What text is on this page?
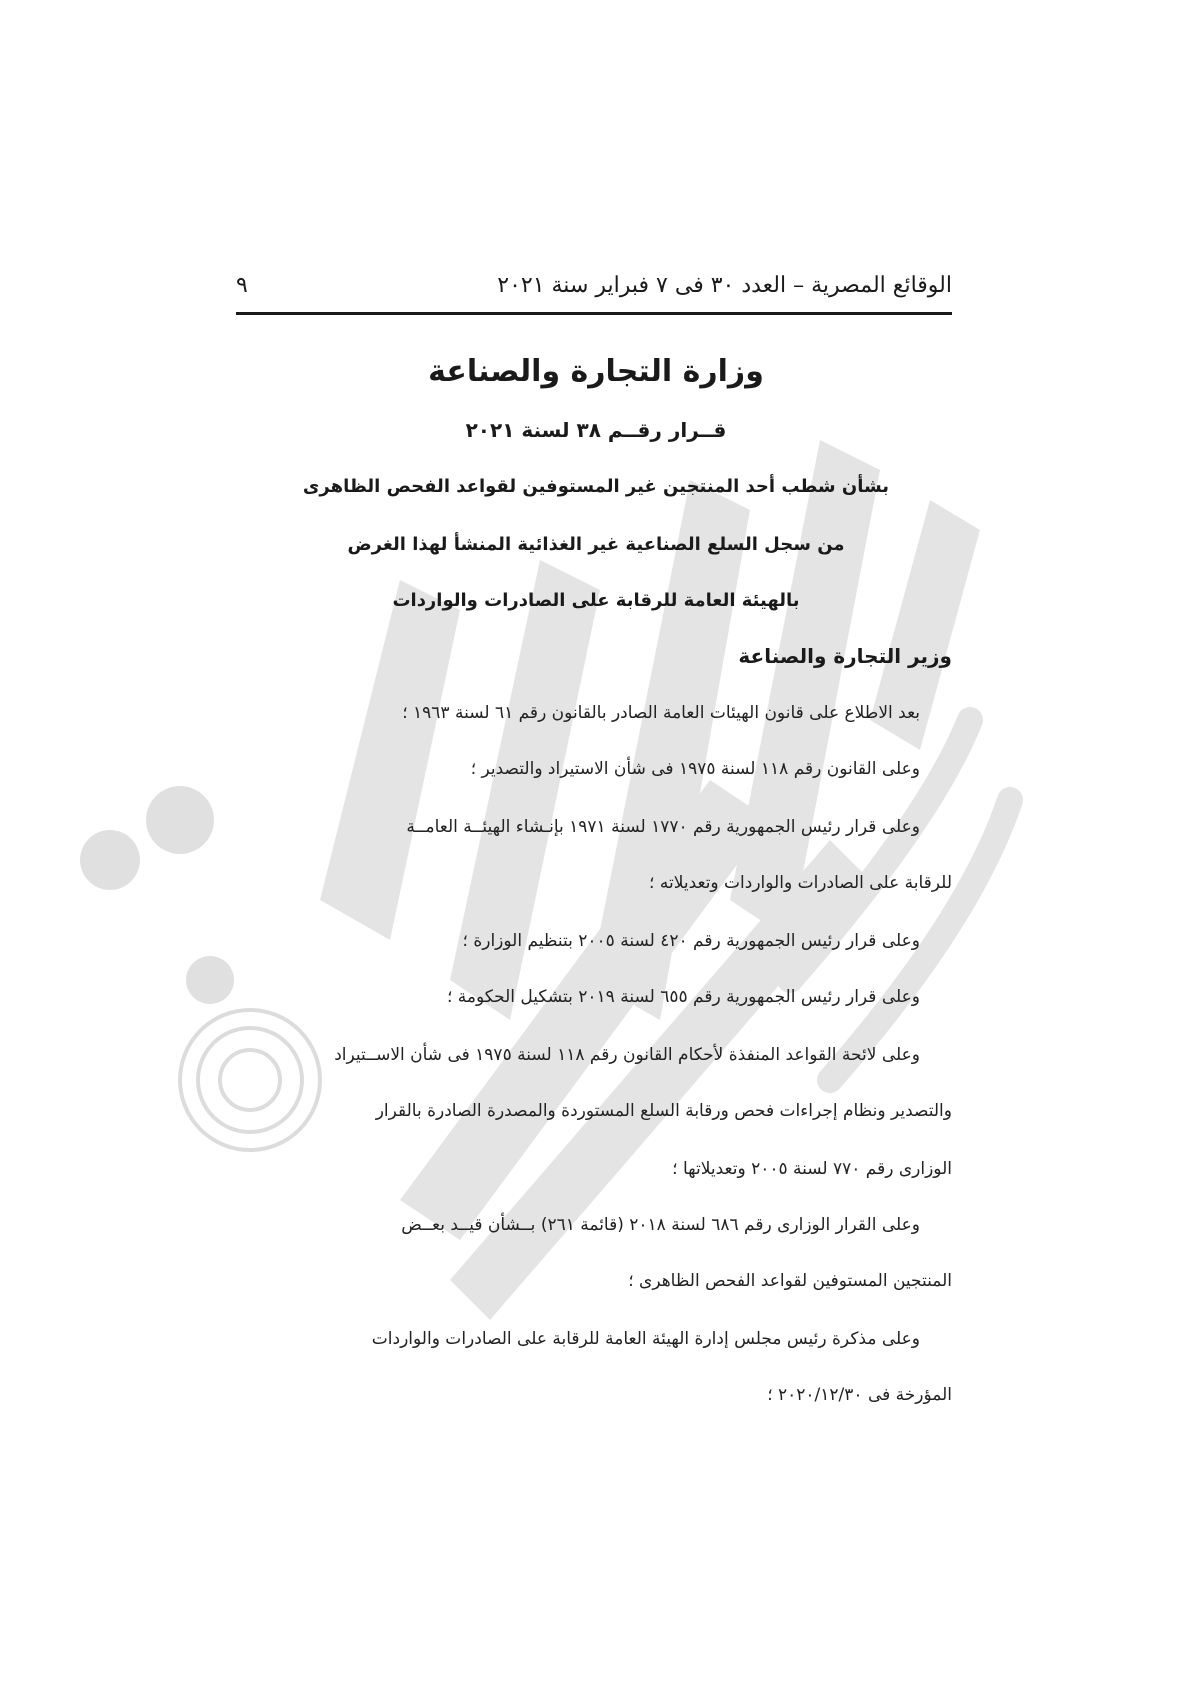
الوقائع المصرية – العدد ٣٠ فى ٧ فبراير سنة ٢٠٢١
٩
وزارة التجارة والصناعة
قــرار رقــم ٣٨ لسنة ٢٠٢١
بشأن شطب أحد المنتجين غير المستوفين لقواعد الفحص الظاهرى
من سجل السلع الصناعية غير الغذائية المنشأ لهذا الغرض
بالهيئة العامة للرقابة على الصادرات والواردات
وزير التجارة والصناعة
بعد الاطلاع على قانون الهيئات العامة الصادر بالقانون رقم ٦١ لسنة ١٩٦٣ ؛
وعلى القانون رقم ١١٨ لسنة ١٩٧٥ فى شأن الاستيراد والتصدير ؛
وعلى قرار رئيس الجمهورية رقم ١٧٧٠ لسنة ١٩٧١ بإنـشاء الهيئــة العامــة
للرقابة على الصادرات والواردات وتعديلاته ؛
وعلى قرار رئيس الجمهورية رقم ٤٢٠ لسنة ٢٠٠٥ بتنظيم الوزارة ؛
وعلى قرار رئيس الجمهورية رقم ٦٥٥ لسنة ٢٠١٩ بتشكيل الحكومة ؛
وعلى لائحة القواعد المنفذة لأحكام القانون رقم ١١٨ لسنة ١٩٧٥ فى شأن الاســتيراد
والتصدير ونظام إجراءات فحص ورقابة السلع المستوردة والمصدرة الصادرة بالقرار
الوزارى رقم ٧٧٠ لسنة ٢٠٠٥ وتعديلاتها ؛
وعلى القرار الوزارى رقم ٦٨٦ لسنة ٢٠١٨ (قائمة ٢٦١) بــشأن قيــد بعــض
المنتجين المستوفين لقواعد الفحص الظاهرى ؛
وعلى مذكرة رئيس مجلس إدارة الهيئة العامة للرقابة على الصادرات والواردات
المؤرخة فى ٢٠٢٠/١٢/٣٠ ؛
